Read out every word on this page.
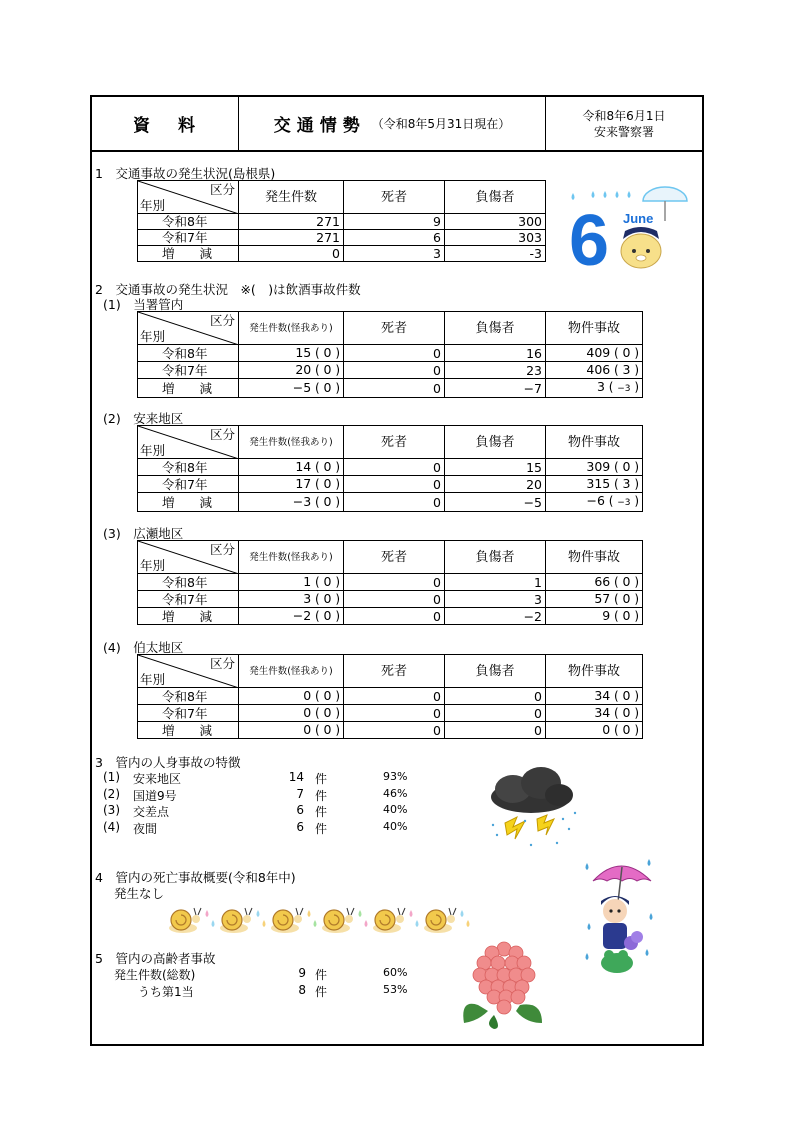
資料	交通情勢 （令和8年5月31日現在）
令和8年6月1日
安来警察署
1　交通事故の発生状況(島根県)
区分
年別	発生件数	死者	負傷者
令和8年	271	9	300
令和7年	271	6	303
増　　減	0	3	-3 6 June
2　交通事故の発生状況　※(　)は飲酒事故件数
(1)　当署管内
区分
年別	発生件数(怪我あり)	死者	負傷者	物件事故
令和8年	15 ( 0 )	0	16	409 ( 0 )
令和7年	20 ( 0 )	0	23	406 ( 3 )
増　　減	−5 ( 0 )	0	−7	3 ( −3 )
(2)　安来地区
区分
年別	発生件数(怪我あり)	死者	負傷者	物件事故
令和8年	14 ( 0 )	0	15	309 ( 0 )
令和7年	17 ( 0 )	0	20	315 ( 3 )
増　　減	−3 ( 0 )	0	−5	−6 ( −3 )
(3)　広瀬地区
区分
年別	発生件数(怪我あり)	死者	負傷者	物件事故
令和8年	1 ( 0 )	0	1	66 ( 0 )
令和7年	3 ( 0 )	0	3	57 ( 0 )
増　　減	−2 ( 0 )	0	−2	9 ( 0 )
(4)　伯太地区
区分
年別	発生件数(怪我あり)	死者	負傷者	物件事故
令和8年	0 ( 0 )	0	0	34 ( 0 )
令和7年	0 ( 0 )	0	0	34 ( 0 )
増　　減	0 ( 0 )	0	0	0 ( 0 )
3　管内の人身事故の特徴
(1) 安来地区	14 件	93%
(2) 国道9号	7 件	46%
(3) 交差点	6 件	40%
(4) 夜間	6 件	40%
4　管内の死亡事故概要(令和8年中)
発生なし
5　管内の高齢者事故
発生件数(総数)	9 件	60%
うち第1当	8 件	53%
